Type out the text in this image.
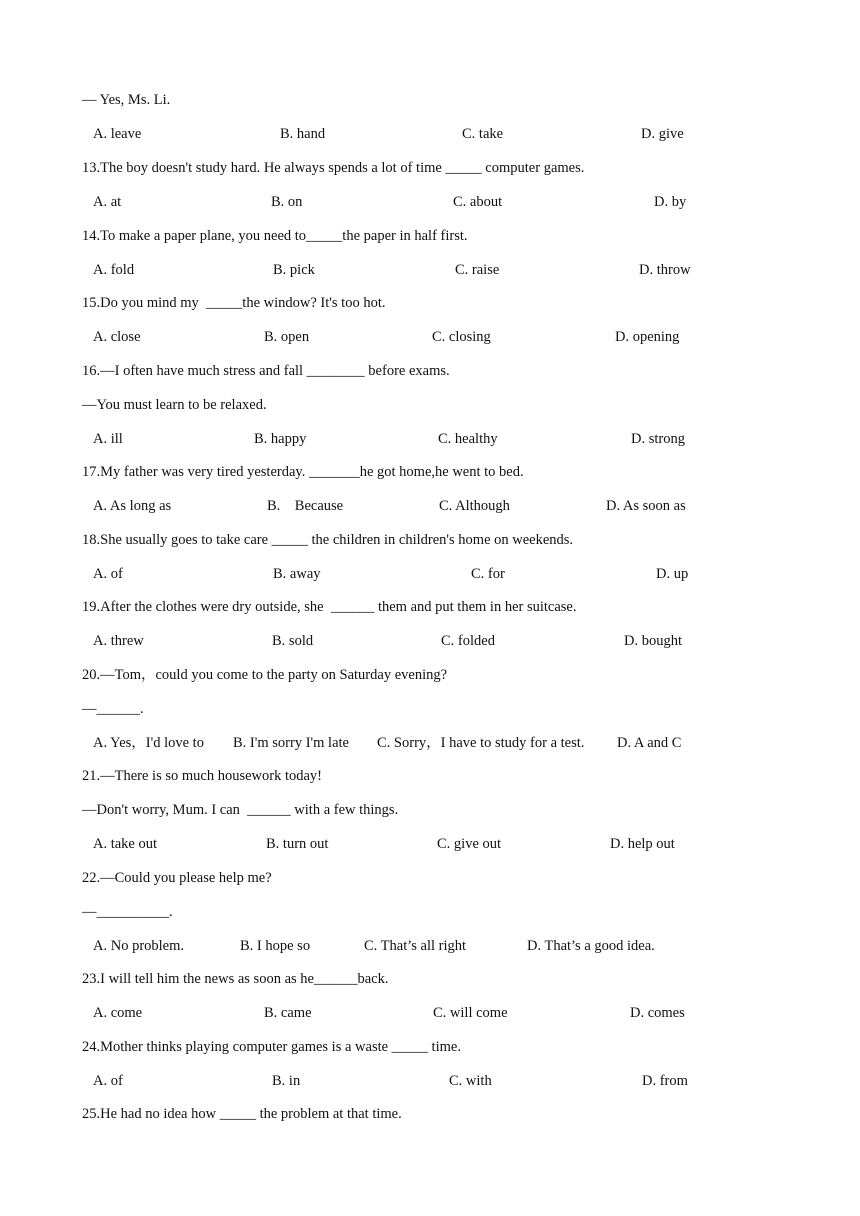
— Yes, Ms. Li.
A. leave	B. hand	C. take	D. give
13.The boy doesn't study hard. He always spends a lot of time _____ computer games.
A. at	B. on	C. about	D. by
14.To make a paper plane, you need to_____the paper in half first.
A. fold	B. pick	C. raise	D. throw
15.Do you mind my  _____the window? It's too hot.
A. close	B. open	C. closing	D. opening
16.—I often have much stress and fall ________ before exams.
—You must learn to be relaxed.
A. ill	B. happy	C. healthy	D. strong
17.My father was very tired yesterday. _______he got home,he went to bed.
A. As long as	B.    Because	C. Although	D. As soon as
18.She usually goes to take care _____ the children in children's home on weekends.
A. of	B. away	C. for	D. up
19.After the clothes were dry outside, she  ______ them and put them in her suitcase.
A. threw	B. sold	C. folded	D. bought
20.—Tom，could you come to the party on Saturday evening?
—______.
A. Yes，I'd love to B. I'm sorry I'm late C. Sorry，I have to study for a test. D. A and C
21.—There is so much housework today!
—Don't worry, Mum. I can  ______ with a few things.
A. take out	B. turn out	C. give out	D. help out
22.—Could you please help me?
—__________.
A. No problem.	B. I hope so	C. That’s all right	D. That’s a good idea.
23.I will tell him the news as soon as he______back.
A. come	B. came	C. will come	D. comes
24.Mother thinks playing computer games is a waste _____ time.
A. of	B. in	C. with	D. from
25.He had no idea how _____ the problem at that time.
